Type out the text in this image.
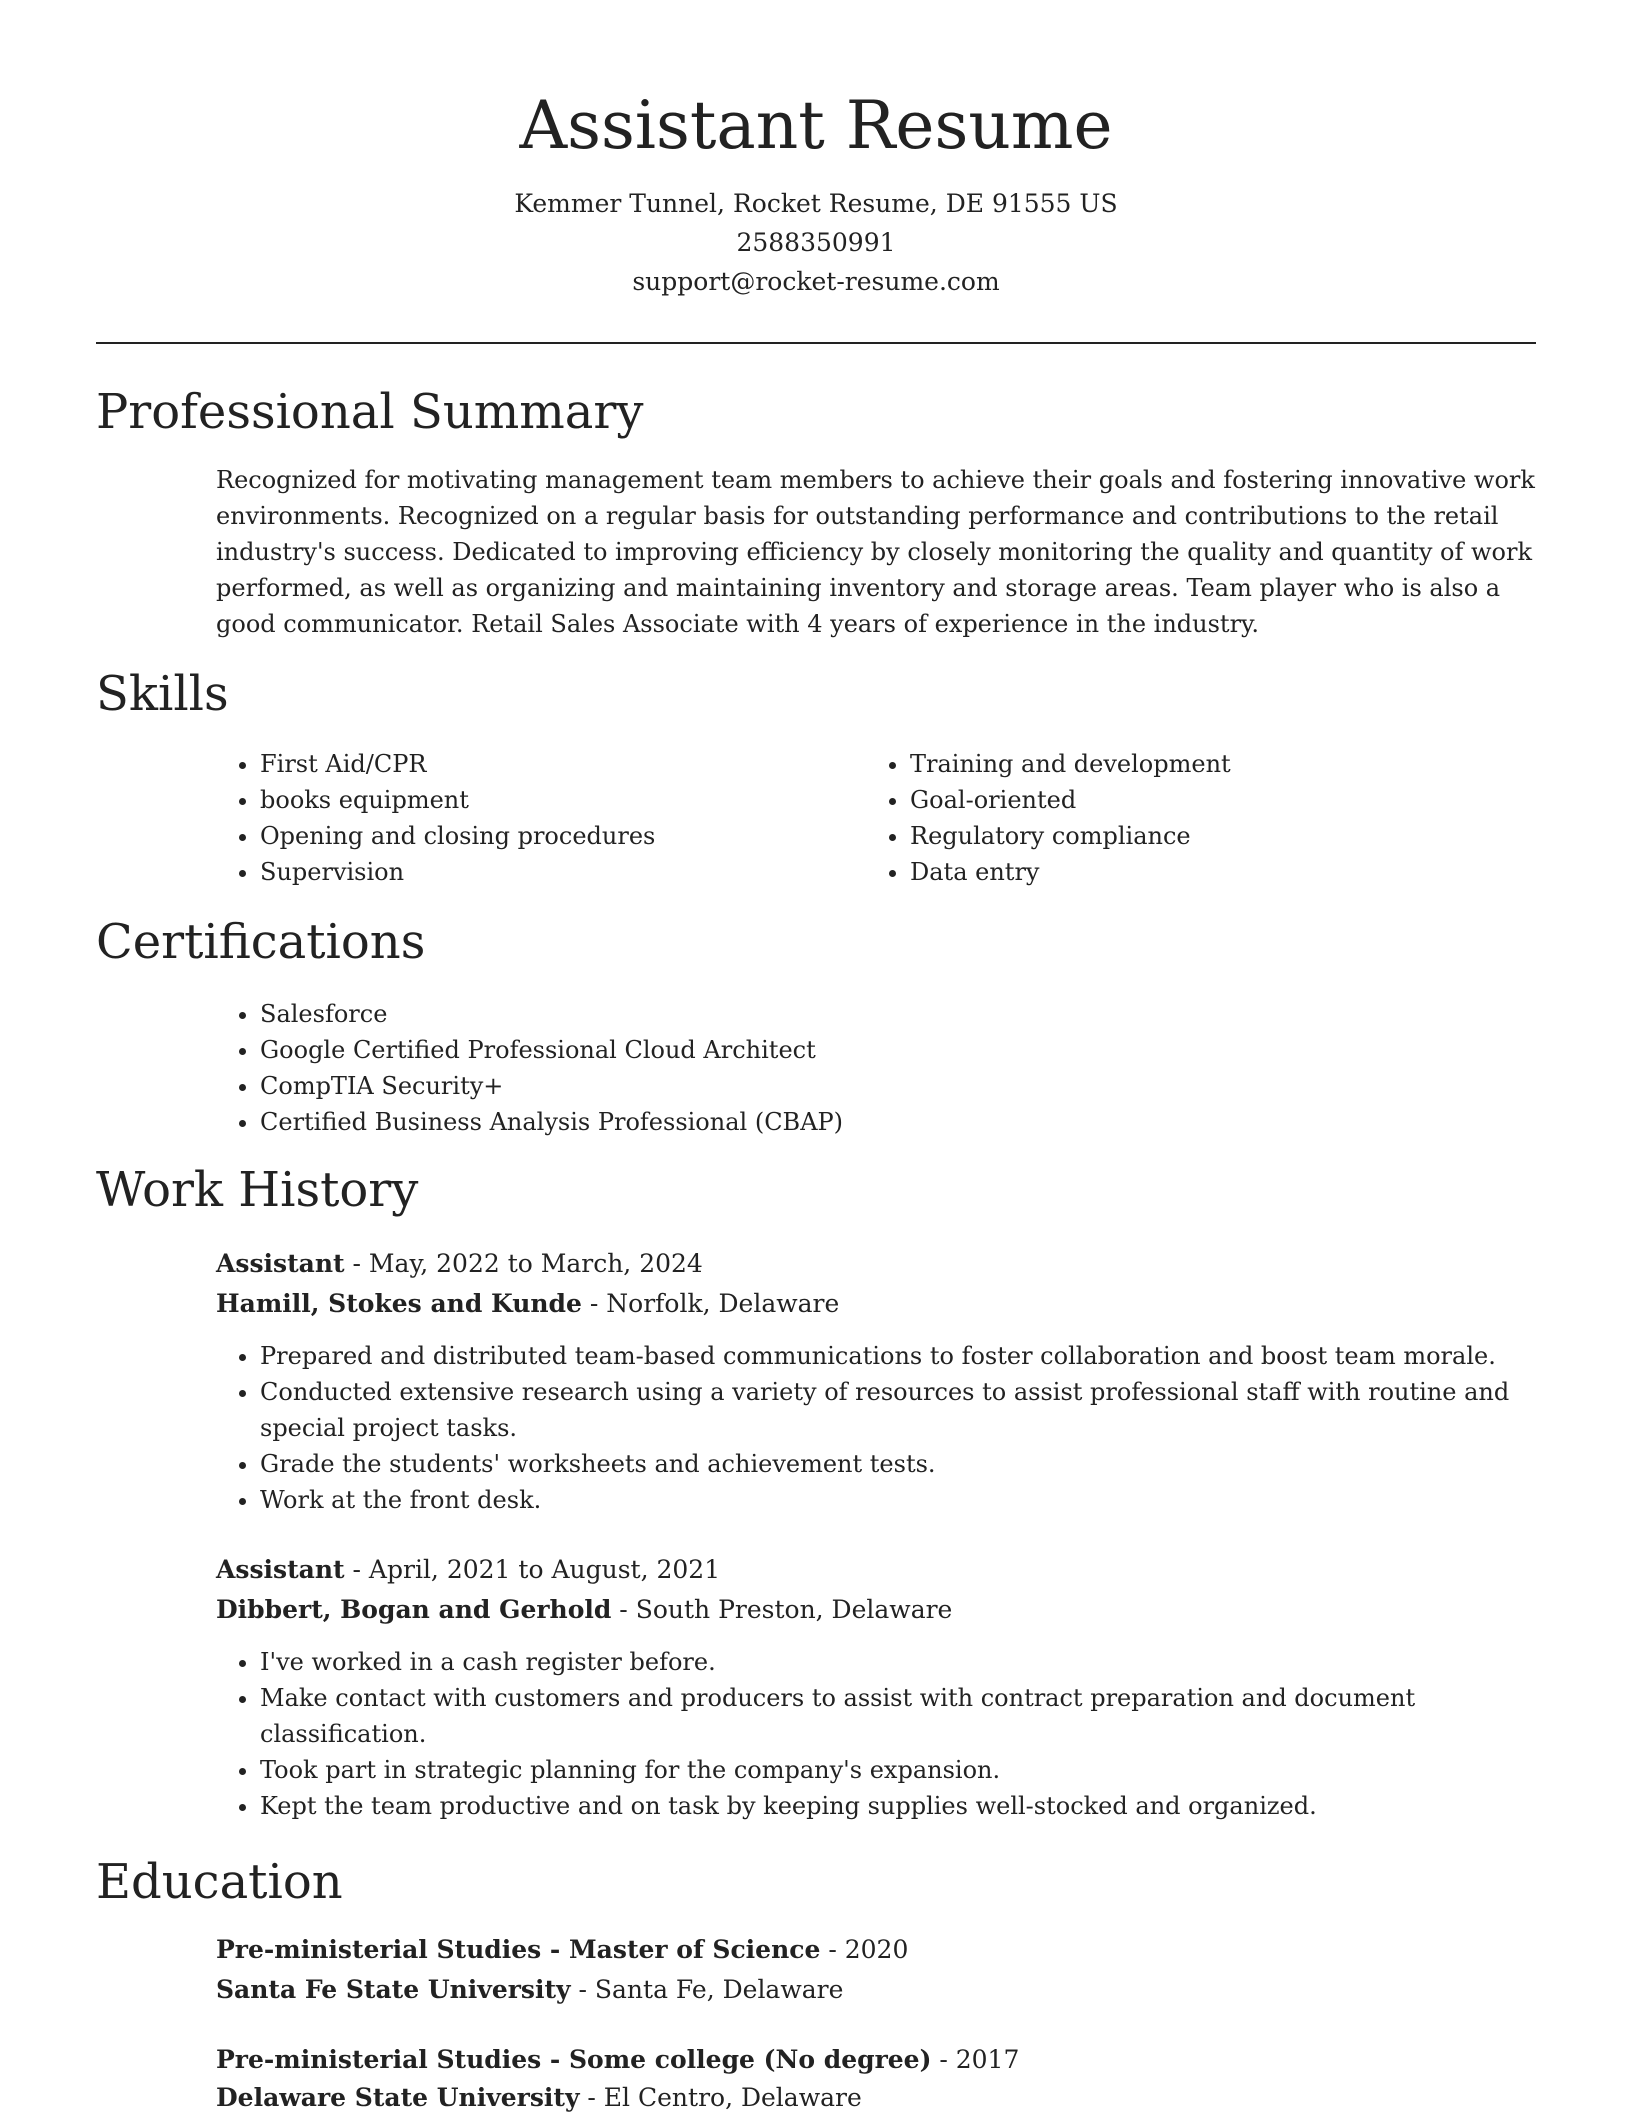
Assistant Resume
Kemmer Tunnel, Rocket Resume, DE 91555 US
2588350991
support@rocket-resume.com
Professional Summary
Recognized for motivating management team members to achieve their goals and fostering innovative work environments. Recognized on a regular basis for outstanding performance and contributions to the retail industry's success. Dedicated to improving efficiency by closely monitoring the quality and quantity of work performed, as well as organizing and maintaining inventory and storage areas. Team player who is also a good communicator. Retail Sales Associate with 4 years of experience in the industry.
Skills
• First Aid/CPR
• books equipment
• Opening and closing procedures
• Supervision
• Training and development
• Goal-oriented
• Regulatory compliance
• Data entry
Certifications
• Salesforce
• Google Certified Professional Cloud Architect
• CompTIA Security+
• Certified Business Analysis Professional (CBAP)
Work History
Assistant - May, 2022 to March, 2024
Hamill, Stokes and Kunde - Norfolk, Delaware
• Prepared and distributed team-based communications to foster collaboration and boost team morale.
• Conducted extensive research using a variety of resources to assist professional staff with routine and special project tasks.
• Grade the students' worksheets and achievement tests.
• Work at the front desk.
Assistant - April, 2021 to August, 2021
Dibbert, Bogan and Gerhold - South Preston, Delaware
• I've worked in a cash register before.
• Make contact with customers and producers to assist with contract preparation and document classification.
• Took part in strategic planning for the company's expansion.
• Kept the team productive and on task by keeping supplies well-stocked and organized.
Education
Pre-ministerial Studies - Master of Science - 2020
Santa Fe State University - Santa Fe, Delaware
Pre-ministerial Studies - Some college (No degree) - 2017
Delaware State University - El Centro, Delaware
